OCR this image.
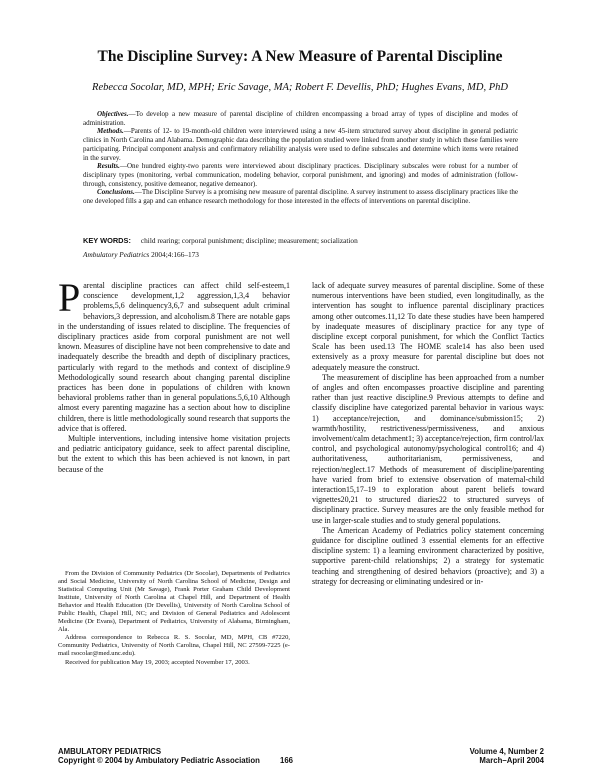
The Discipline Survey: A New Measure of Parental Discipline
Rebecca Socolar, MD, MPH; Eric Savage, MA; Robert F. Devellis, PhD; Hughes Evans, MD, PhD

Objectives.—To develop a new measure of parental discipline of children encompassing a broad array of types of discipline and modes of administration.

Methods.—Parents of 12- to 19-month-old children were interviewed using a new 45-item structured survey about discipline in general pediatric clinics in North Carolina and Alabama. Demographic data describing the population studied were linked from another study in which these families were participating. Principal component analysis and confirmatory reliability analysis were used to define subscales and determine which items were retained in the survey.

Results.—One hundred eighty-two parents were interviewed about disciplinary practices. Disciplinary subscales were robust for a number of disciplinary types (monitoring, verbal communication, modeling behavior, corporal punishment, and ignoring) and modes of administration (follow-through, consistency, positive demeanor, negative demeanor).

Conclusions.—The Discipline Survey is a promising new measure of parental discipline. A survey instrument to assess disciplinary practices like the one developed fills a gap and can enhance research methodology for those interested in the effects of interventions on parental discipline.

KEY WORDS: child rearing; corporal punishment; discipline; measurement; socialization
Ambulatory Pediatrics 2004;4:166–173

Parental discipline practices can affect child self-esteem,1 conscience development,1,2 aggression,1,3,4 behavior problems,5,6 delinquency3,6,7 and subsequent adult criminal behaviors,3 depression, and alcoholism.8 There are notable gaps in the understanding of issues related to discipline. The frequencies of disciplinary practices aside from corporal punishment are not well known. Measures of discipline have not been comprehensive to date and inadequately describe the breadth and depth of disciplinary practices, particularly with regard to the methods and context of discipline.9 Methodologically sound research about changing parental discipline practices has been done in populations of children with known behavioral problems rather than in general populations.5,6,10 Although almost every parenting magazine has a section about how to discipline children, there is little methodologically sound research that supports the advice that is offered.

Multiple interventions, including intensive home visitation projects and pediatric anticipatory guidance, seek to affect parental discipline, but the extent to which this has been achieved is not known, in part because of the

From the Division of Community Pediatrics (Dr Socolar), Departments of Pediatrics and Social Medicine, University of North Carolina School of Medicine, Design and Statistical Computing Unit (Mr Savage), Frank Porter Graham Child Development Institute, University of North Carolina at Chapel Hill, and Department of Health Behavior and Health Education (Dr Devellis), University of North Carolina School of Public Health, Chapel Hill, NC; and Division of General Pediatrics and Adolescent Medicine (Dr Evans), Department of Pediatrics, University of Alabama, Birmingham, Ala.

Address correspondence to Rebecca R. S. Socolar, MD, MPH, CB #7220, Community Pediatrics, University of North Carolina, Chapel Hill, NC 27599-7225 (e-mail rsocolar@med.unc.edu).

Received for publication May 19, 2003; accepted November 17, 2003.

lack of adequate survey measures of parental discipline. Some of these numerous interventions have been studied, even longitudinally, as the intervention has sought to influence parental disciplinary practices among other outcomes.11,12 To date these studies have been hampered by inadequate measures of disciplinary practice for any type of discipline except corporal punishment, for which the Conflict Tactics Scale has been used.13 The HOME scale14 has also been used extensively as a proxy measure for parental discipline but does not adequately measure the construct.

The measurement of discipline has been approached from a number of angles and often encompasses proactive discipline and parenting rather than just reactive discipline.9 Previous attempts to define and classify discipline have categorized parental behavior in various ways: 1) acceptance/rejection, and dominance/submission15; 2) warmth/hostility, restrictiveness/permissiveness, and anxious involvement/calm detachment1; 3) acceptance/rejection, firm control/lax control, and psychological autonomy/psychological control16; and 4) authoritativeness, authoritarianism, permissiveness, and rejection/neglect.17 Methods of measurement of discipline/parenting have varied from brief to extensive observation of maternal-child interaction15,17–19 to exploration about parent beliefs toward vignettes20,21 to structured diaries22 to structured surveys of disciplinary practice. Survey measures are the only feasible method for use in larger-scale studies and to study general populations.

The American Academy of Pediatrics policy statement concerning guidance for discipline outlined 3 essential elements for an effective discipline system: 1) a learning environment characterized by positive, supportive parent-child relationships; 2) a strategy for systematic teaching and strengthening of desired behaviors (proactive); and 3) a strategy for decreasing or eliminating undesired or in-

AMBULATORY PEDIATRICS
Copyright © 2004 by Ambulatory Pediatric Association	166
Volume 4, Number 2
March–April 2004
